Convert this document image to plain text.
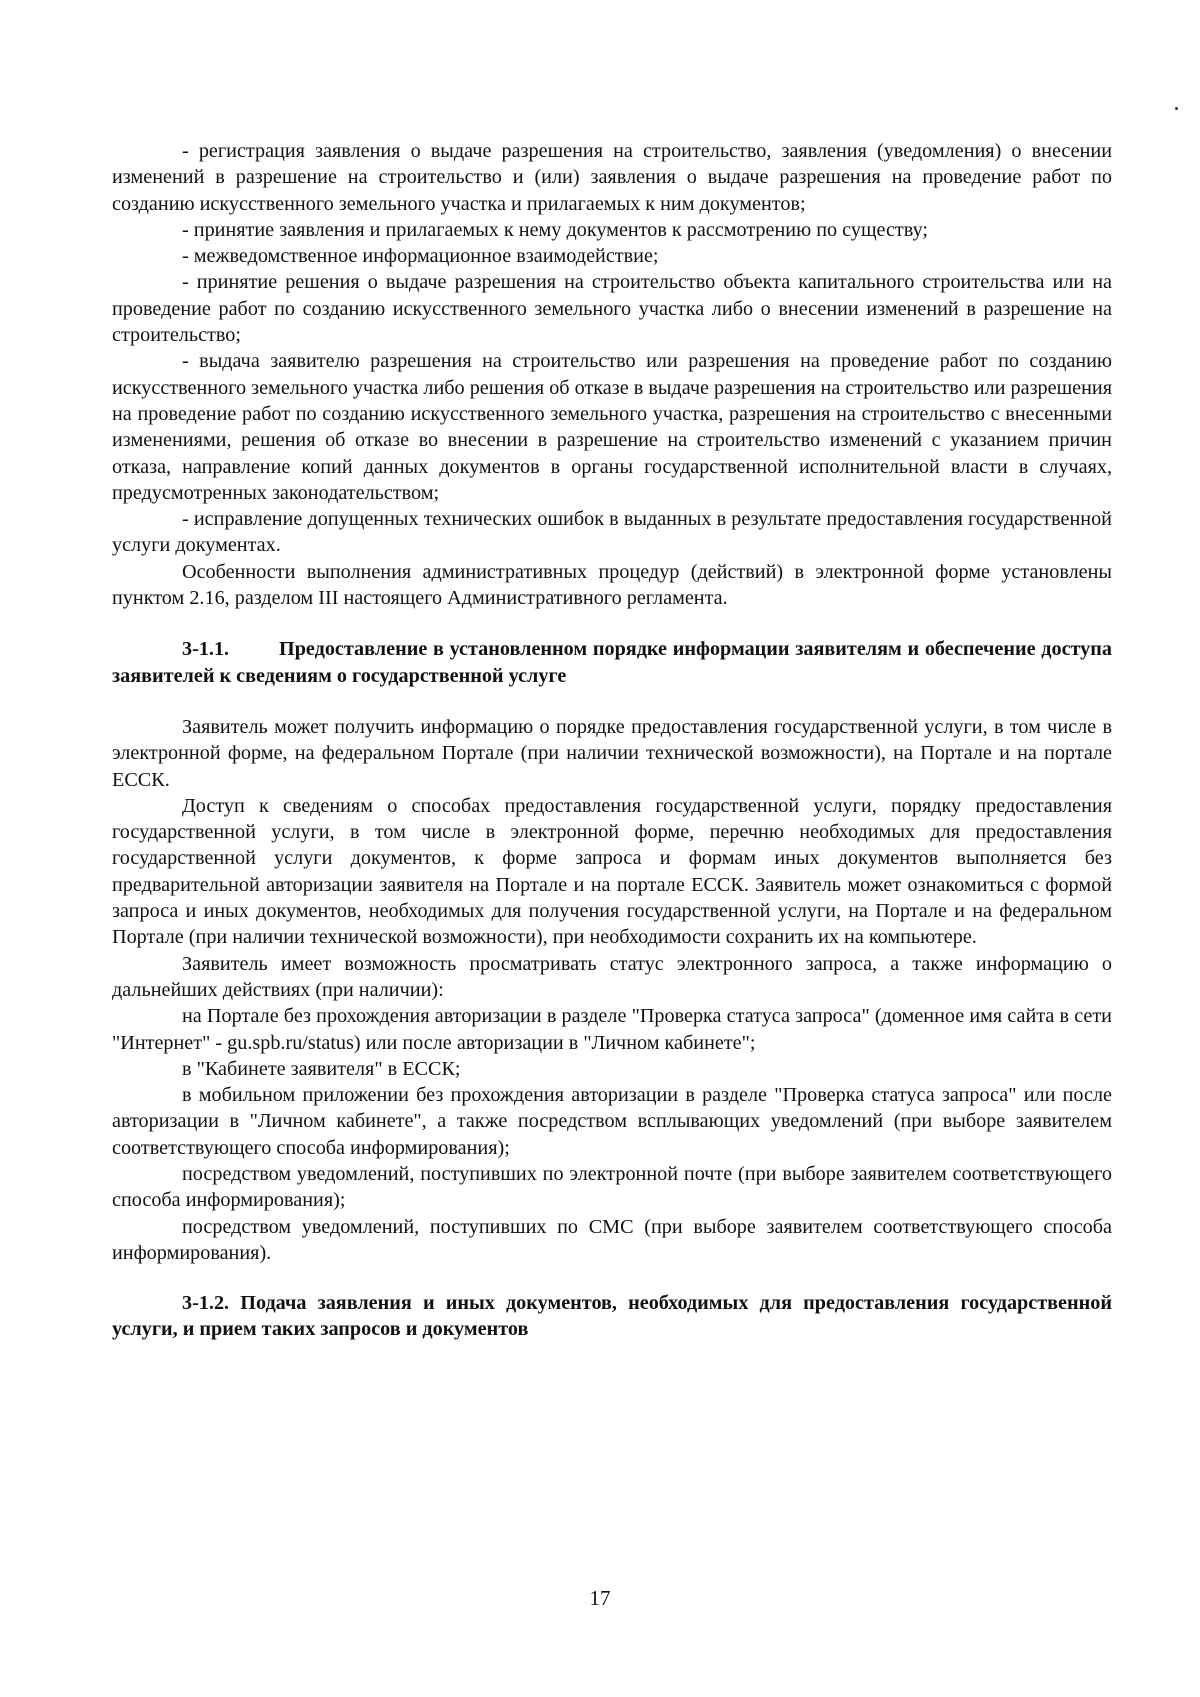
- регистрация заявления о выдаче разрешения на строительство, заявления (уведомления) о внесении изменений в разрешение на строительство и (или) заявления о выдаче разрешения на проведение работ по созданию искусственного земельного участка и прилагаемых к ним документов;

- принятие заявления и прилагаемых к нему документов к рассмотрению по существу;

- межведомственное информационное взаимодействие;

- принятие решения о выдаче разрешения на строительство объекта капитального строительства или на проведение работ по созданию искусственного земельного участка либо о внесении изменений в разрешение на строительство;

- выдача заявителю разрешения на строительство или разрешения на проведение работ по созданию искусственного земельного участка либо решения об отказе в выдаче разрешения на строительство или разрешения на проведение работ по созданию искусственного земельного участка, разрешения на строительство с внесенными изменениями, решения об отказе во внесении в разрешение на строительство изменений с указанием причин отказа, направление копий данных документов в органы государственной исполнительной власти в случаях, предусмотренных законодательством;

- исправление допущенных технических ошибок в выданных в результате предоставления государственной услуги документах.

Особенности выполнения административных процедур (действий) в электронной форме установлены пунктом 2.16, разделом III настоящего Административного регламента.

3-1.1. Предоставление в установленном порядке информации заявителям и обеспечение доступа заявителей к сведениям о государственной услуге

Заявитель может получить информацию о порядке предоставления государственной услуги, в том числе в электронной форме, на федеральном Портале (при наличии технической возможности), на Портале и на портале ЕССК.

Доступ к сведениям о способах предоставления государственной услуги, порядку предоставления государственной услуги, в том числе в электронной форме, перечню необходимых для предоставления государственной услуги документов, к форме запроса и формам иных документов выполняется без предварительной авторизации заявителя на Портале и на портале ЕССК. Заявитель может ознакомиться с формой запроса и иных документов, необходимых для получения государственной услуги, на Портале и на федеральном Портале (при наличии технической возможности), при необходимости сохранить их на компьютере.

Заявитель имеет возможность просматривать статус электронного запроса, а также информацию о дальнейших действиях (при наличии):

на Портале без прохождения авторизации в разделе "Проверка статуса запроса" (доменное имя сайта в сети "Интернет" - gu.spb.ru/status) или после авторизации в "Личном кабинете";

в "Кабинете заявителя" в ЕССК;

в мобильном приложении без прохождения авторизации в разделе "Проверка статуса запроса" или после авторизации в "Личном кабинете", а также посредством всплывающих уведомлений (при выборе заявителем соответствующего способа информирования);

посредством уведомлений, поступивших по электронной почте (при выборе заявителем соответствующего способа информирования);

посредством уведомлений, поступивших по СМС (при выборе заявителем соответствующего способа информирования).

3-1.2. Подача заявления и иных документов, необходимых для предоставления государственной услуги, и прием таких запросов и документов

17
